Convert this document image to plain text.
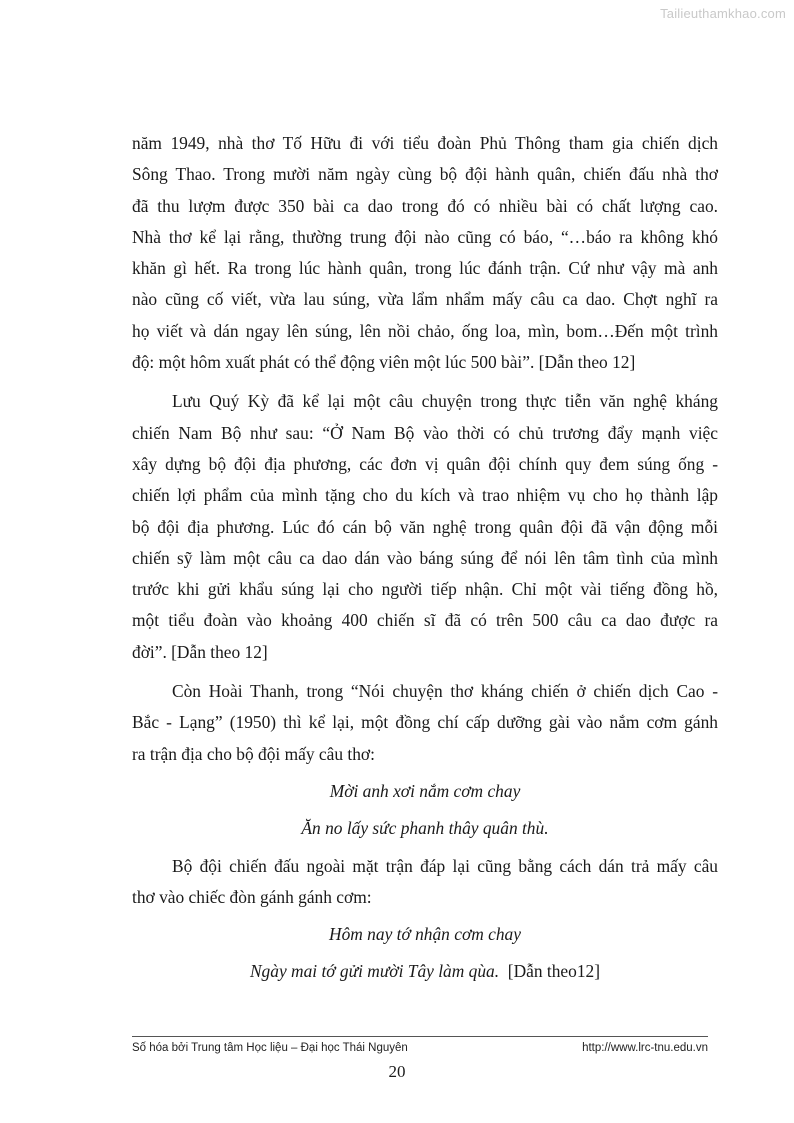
Tailieuthamkhao.com
năm 1949, nhà thơ Tố Hữu đi với tiểu đoàn Phủ Thông tham gia chiến dịch
Sông Thao. Trong mười năm ngày cùng bộ đội hành quân, chiến đấu nhà thơ
đã thu lượm được 350 bài ca dao trong đó có nhiều bài có chất lượng cao.
Nhà thơ kể lại rằng, thường trung đội nào cũng có báo, “…báo ra không khó
khăn gì hết. Ra trong lúc hành quân, trong lúc đánh trận. Cứ như vậy mà anh
nào cũng cố viết, vừa lau súng, vừa lẩm nhẩm mấy câu ca dao. Chợt nghĩ ra
họ viết và dán ngay lên súng, lên nồi chảo, ống loa, mìn, bom…Đến một trình
độ: một hôm xuất phát có thể động viên một lúc 500 bài”. [Dẫn theo 12]
Lưu Quý Kỳ đã kể lại một câu chuyện trong thực tiễn văn nghệ kháng
chiến Nam Bộ như sau: “Ở Nam Bộ vào thời có chủ trương đẩy mạnh việc
xây dựng bộ đội địa phương, các đơn vị quân đội chính quy đem súng ống -
chiến lợi phẩm của mình tặng cho du kích và trao nhiệm vụ cho họ thành lập
bộ đội địa phương. Lúc đó cán bộ văn nghệ trong quân đội đã vận động mỗi
chiến sỹ làm một câu ca dao dán vào báng súng để nói lên tâm tình của mình
trước khi gửi khẩu súng lại cho người tiếp nhận. Chỉ một vài tiếng đồng hồ,
một tiểu đoàn vào khoảng 400 chiến sĩ đã có trên 500 câu ca dao được ra
đời”. [Dẫn theo 12]
Còn Hoài Thanh, trong “Nói chuyện thơ kháng chiến ở chiến dịch Cao -
Bắc - Lạng” (1950) thì kể lại, một đồng chí cấp dưỡng gài vào nắm cơm gánh
ra trận địa cho bộ đội mấy câu thơ:
Mời anh xơi nắm cơm chay
Ăn no lấy sức phanh thây quân thù.
Bộ đội chiến đấu ngoài mặt trận đáp lại cũng bằng cách dán trả mấy câu
thơ vào chiếc đòn gánh gánh cơm:
Hôm nay tớ nhận cơm chay
Ngày mai tớ gửi mười Tây làm qùa. [Dẫn theo12]
Số hóa bởi Trung tâm Học liệu – Đại học Thái Nguyên	http://www.lrc-tnu.edu.vn
20
